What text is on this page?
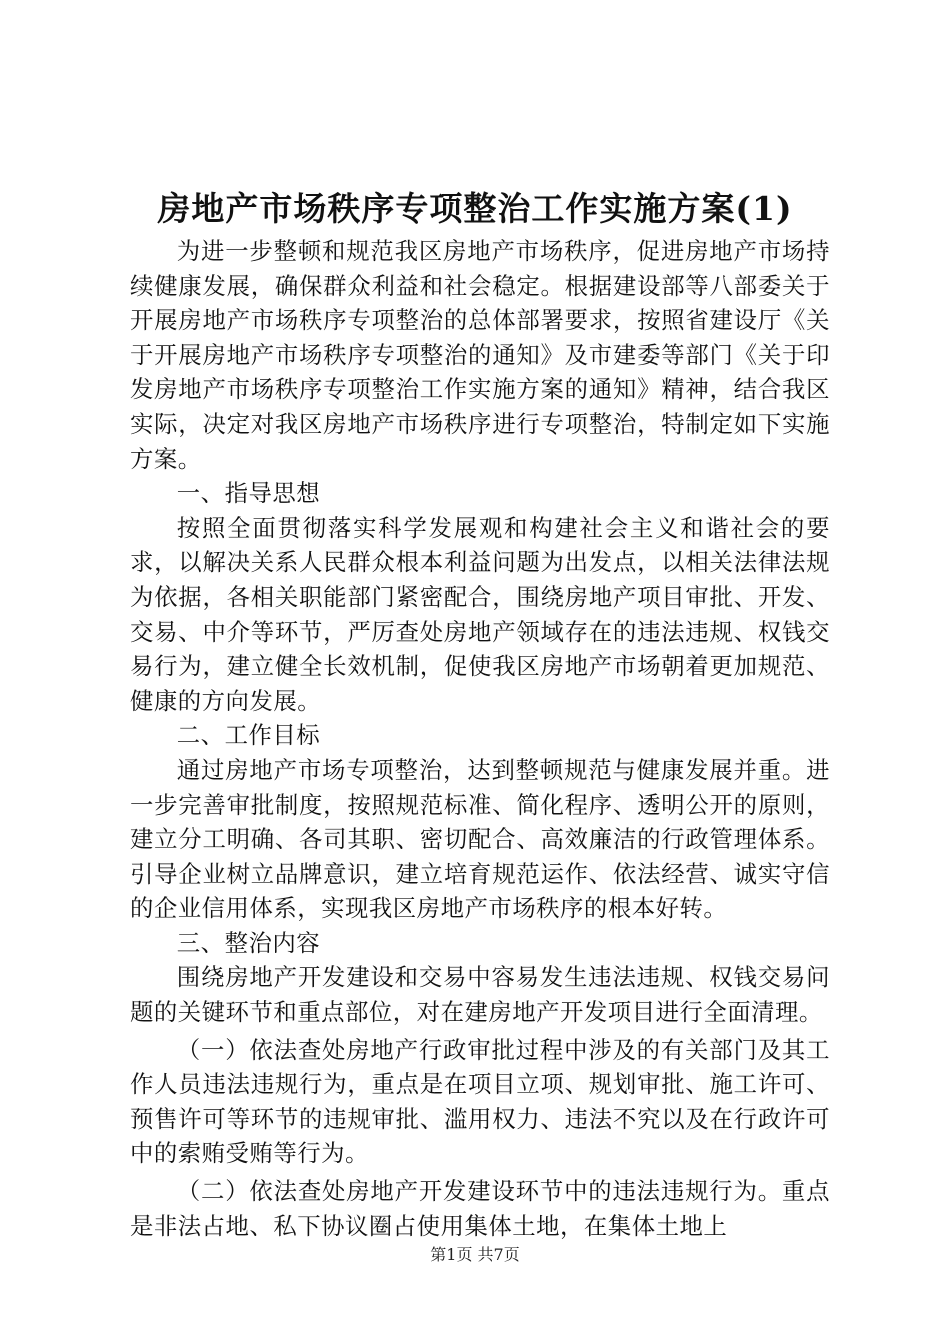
房地产市场秩序专项整治工作实施方案(1)

为进一步整顿和规范我区房地产市场秩序，促进房地产市场持续健康发展，确保群众利益和社会稳定。根据建设部等八部委关于开展房地产市场秩序专项整治的总体部署要求，按照省建设厅《关于开展房地产市场秩序专项整治的通知》及市建委等部门《关于印发房地产市场秩序专项整治工作实施方案的通知》精神，结合我区实际，决定对我区房地产市场秩序进行专项整治，特制定如下实施方案。

一、指导思想

按照全面贯彻落实科学发展观和构建社会主义和谐社会的要求，以解决关系人民群众根本利益问题为出发点，以相关法律法规为依据，各相关职能部门紧密配合，围绕房地产项目审批、开发、交易、中介等环节，严厉查处房地产领域存在的违法违规、权钱交易行为，建立健全长效机制，促使我区房地产市场朝着更加规范、健康的方向发展。

二、工作目标

通过房地产市场专项整治，达到整顿规范与健康发展并重。进一步完善审批制度，按照规范标准、简化程序、透明公开的原则，建立分工明确、各司其职、密切配合、高效廉洁的行政管理体系。引导企业树立品牌意识，建立培育规范运作、依法经营、诚实守信的企业信用体系，实现我区房地产市场秩序的根本好转。

三、整治内容

围绕房地产开发建设和交易中容易发生违法违规、权钱交易问题的关键环节和重点部位，对在建房地产开发项目进行全面清理。

（一）依法查处房地产行政审批过程中涉及的有关部门及其工作人员违法违规行为，重点是在项目立项、规划审批、施工许可、预售许可等环节的违规审批、滥用权力、违法不究以及在行政许可中的索贿受贿等行为。

（二）依法查处房地产开发建设环节中的违法违规行为。重点是非法占地、私下协议圈占使用集体土地，在集体土地上

第1页 共7页
